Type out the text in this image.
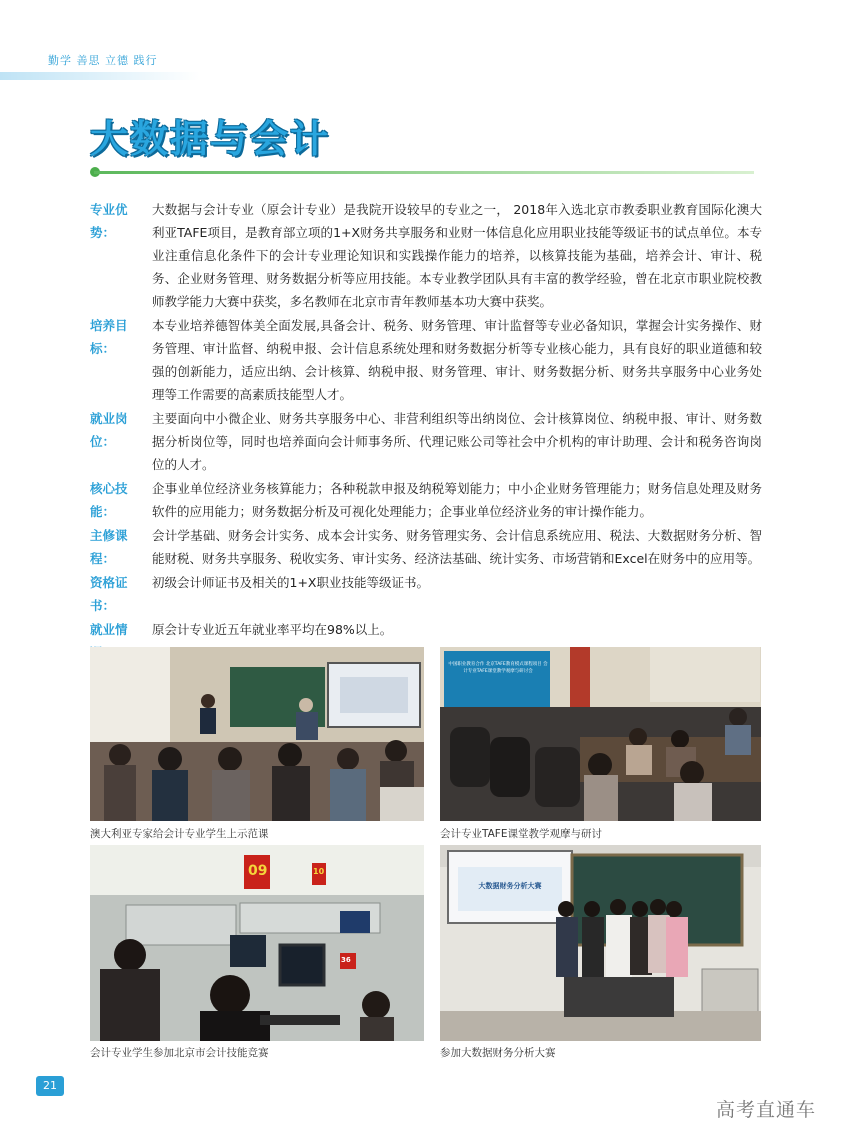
勤学 善思 立德 践行
大数据与会计
专业优势：
大数据与会计专业（原会计专业）是我院开设较早的专业之一， 2018年入选北京市教委职业教育国际化澳大利亚TAFE项目，是教育部立项的1+X财务共享服务和业财一体信息化应用职业技能等级证书的试点单位。本专业注重信息化条件下的会计专业理论知识和实践操作能力的培养，以核算技能为基础，培养会计、审计、税务、企业财务管理、财务数据分析等应用技能。本专业教学团队具有丰富的教学经验，曾在北京市职业院校教师教学能力大赛中获奖，多名教师在北京市青年教师基本功大赛中获奖。
培养目标：
本专业培养德智体美全面发展,具备会计、税务、财务管理、审计监督等专业必备知识，掌握会计实务操作、财务管理、审计监督、纳税申报、会计信息系统处理和财务数据分析等专业核心能力，具有良好的职业道德和较强的创新能力，适应出纳、会计核算、纳税申报、财务管理、审计、财务数据分析、财务共享服务中心业务处理等工作需要的高素质技能型人才。
就业岗位：
主要面向中小微企业、财务共享服务中心、非营利组织等出纳岗位、会计核算岗位、纳税申报、审计、财务数据分析岗位等，同时也培养面向会计师事务所、代理记账公司等社会中介机构的审计助理、会计和税务咨询岗位的人才。
核心技能：
企事业单位经济业务核算能力；各种税款申报及纳税筹划能力；中小企业财务管理能力；财务信息处理及财务软件的应用能力；财务数据分析及可视化处理能力；企事业单位经济业务的审计操作能力。
主修课程：
会计学基础、财务会计实务、成本会计实务、财务管理实务、会计信息系统应用、税法、大数据财务分析、智能财税、财务共享服务、税收实务、审计实务、经济法基础、统计实务、市场营销和Excel在财务中的应用等。
资格证书：
初级会计师证书及相关的1+X职业技能等级证书。
就业情	原会计专业近五年就业率平均在98%以上。
澳大利亚专家给会计专业学生上示范课
中国职业教育合作 北京TAFE教育模式课程项目 会计专业TAFE课堂教学观摩与研讨会
会计专业TAFE课堂教学观摩与研讨
09	10
36
会计专业学生参加北京市会计技能竞赛
大数据财务分析大赛
参加大数据财务分析大赛
21
高考直通车
